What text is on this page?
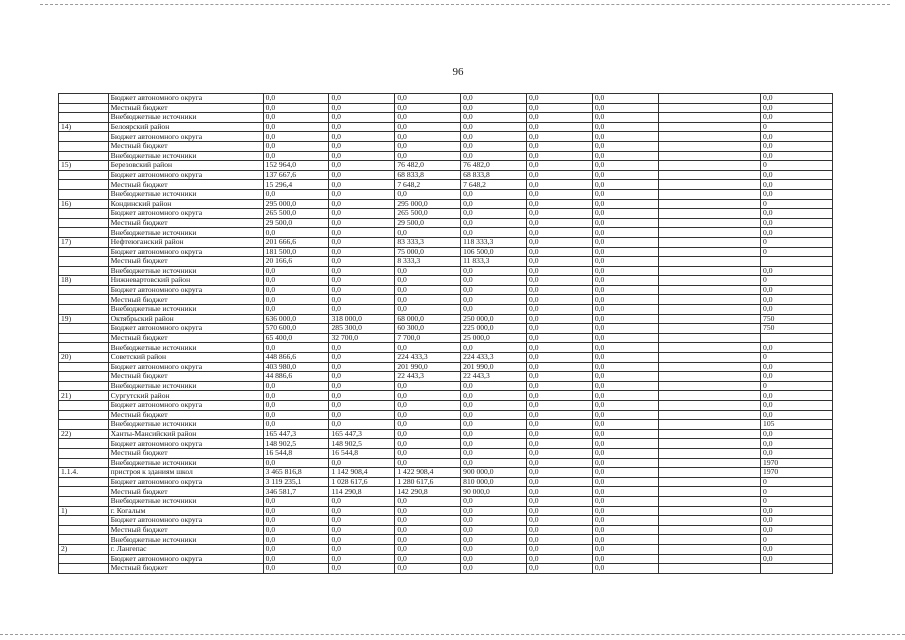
96
	Бюджет автономного округа	0,0	0,0	0,0	0,0	0,0	0,0		0,0
	Местный бюджет	0,0	0,0	0,0	0,0	0,0	0,0		0,0
	Внебюджетные источники	0,0	0,0	0,0	0,0	0,0	0,0		0,0
14)	Белоярский район	0,0	0,0	0,0	0,0	0,0	0,0		0
	Бюджет автономного округа	0,0	0,0	0,0	0,0	0,0	0,0		0,0
	Местный бюджет	0,0	0,0	0,0	0,0	0,0	0,0		0,0
	Внебюджетные источники	0,0	0,0	0,0	0,0	0,0	0,0		0,0
15)	Березовский район	152 964,0	0,0	76 482,0	76 482,0	0,0	0,0		0
	Бюджет автономного округа	137 667,6	0,0	68 833,8	68 833,8	0,0	0,0		0,0
	Местный бюджет	15 296,4	0,0	7 648,2	7 648,2	0,0	0,0		0,0
	Внебюджетные источники	0,0	0,0	0,0	0,0	0,0	0,0		0,0
16)	Кондинский район	295 000,0	0,0	295 000,0	0,0	0,0	0,0		0
	Бюджет автономного округа	265 500,0	0,0	265 500,0	0,0	0,0	0,0		0,0
	Местный бюджет	29 500,0	0,0	29 500,0	0,0	0,0	0,0		0,0
	Внебюджетные источники	0,0	0,0	0,0	0,0	0,0	0,0		0,0
17)	Нефтеюганский район	201 666,6	0,0	83 333,3	118 333,3	0,0	0,0		0
	Бюджет автономного округа	181 500,0	0,0	75 000,0	106 500,0	0,0	0,0		0
	Местный бюджет	20 166,6	0,0	8 333,3	11 833,3	0,0	0,0		
	Внебюджетные источники	0,0	0,0	0,0	0,0	0,0	0,0		0,0
18)	Нижневартовский район	0,0	0,0	0,0	0,0	0,0	0,0		0
	Бюджет автономного округа	0,0	0,0	0,0	0,0	0,0	0,0		0,0
	Местный бюджет	0,0	0,0	0,0	0,0	0,0	0,0		0,0
	Внебюджетные источники	0,0	0,0	0,0	0,0	0,0	0,0		0,0
19)	Октябрьский район	636 000,0	318 000,0	68 000,0	250 000,0	0,0	0,0		750
	Бюджет автономного округа	570 600,0	285 300,0	60 300,0	225 000,0	0,0	0,0		750
	Местный бюджет	65 400,0	32 700,0	7 700,0	25 000,0	0,0	0,0		
	Внебюджетные источники	0,0	0,0	0,0	0,0	0,0	0,0		0,0
20)	Советский район	448 866,6	0,0	224 433,3	224 433,3	0,0	0,0		0
	Бюджет автономного округа	403 980,0	0,0	201 990,0	201 990,0	0,0	0,0		0,0
	Местный бюджет	44 886,6	0,0	22 443,3	22 443,3	0,0	0,0		0,0
	Внебюджетные источники	0,0	0,0	0,0	0,0	0,0	0,0		0
21)	Сургутский район	0,0	0,0	0,0	0,0	0,0	0,0		0,0
	Бюджет автономного округа	0,0	0,0	0,0	0,0	0,0	0,0		0,0
	Местный бюджет	0,0	0,0	0,0	0,0	0,0	0,0		0,0
	Внебюджетные источники	0,0	0,0	0,0	0,0	0,0	0,0		105
22)	Ханты-Мансийский район	165 447,3	165 447,3	0,0	0,0	0,0	0,0		0,0
	Бюджет автономного округа	148 902,5	148 902,5	0,0	0,0	0,0	0,0		0,0
	Местный бюджет	16 544,8	16 544,8	0,0	0,0	0,0	0,0		0,0
	Внебюджетные источники	0,0	0,0	0,0	0,0	0,0	0,0		1970
1.1.4.	пристроя к зданиям школ	3 465 816,8	1 142 908,4	1 422 908,4	900 000,0	0,0	0,0		1970
	Бюджет автономного округа	3 119 235,1	1 028 617,6	1 280 617,6	810 000,0	0,0	0,0		0
	Местный бюджет	346 581,7	114 290,8	142 290,8	90 000,0	0,0	0,0		0
	Внебюджетные источники	0,0	0,0	0,0	0,0	0,0	0,0		0
1)	г. Когалым	0,0	0,0	0,0	0,0	0,0	0,0		0,0
	Бюджет автономного округа	0,0	0,0	0,0	0,0	0,0	0,0		0,0
	Местный бюджет	0,0	0,0	0,0	0,0	0,0	0,0		0,0
	Внебюджетные источники	0,0	0,0	0,0	0,0	0,0	0,0		0
2)	г. Лангепас	0,0	0,0	0,0	0,0	0,0	0,0		0,0
	Бюджет автономного округа	0,0	0,0	0,0	0,0	0,0	0,0		0,0
	Местный бюджет	0,0	0,0	0,0	0,0	0,0	0,0		
